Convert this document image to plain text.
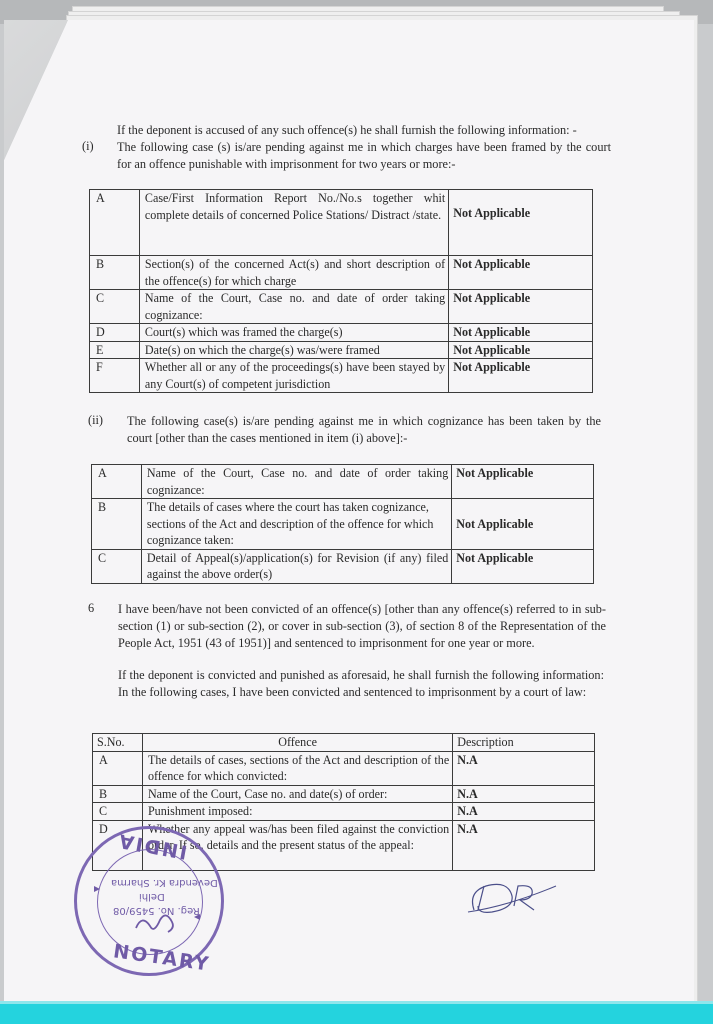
If the deponent is accused of any such offence(s) he shall furnish the following information: -
(i) The following case (s) is/are pending against me in which charges have been framed by the court for an offence punishable with imprisonment for two years or more:-
A	Case/First Information Report No./No.s together whit complete details of concerned Police Stations/ Distract /state.	Not Applicable
B	Section(s) of the concerned Act(s) and short description of the offence(s) for which charge	Not Applicable
C	Name of the Court, Case no. and date of order taking cognizance:	Not Applicable
D	Court(s) which was framed the charge(s)	Not Applicable
E	Date(s) on which the charge(s) was/were framed	Not Applicable
F	Whether all or any of the proceedings(s) have been stayed by any Court(s) of competent jurisdiction	Not Applicable
(ii) The following case(s) is/are pending against me in which cognizance has been taken by the court [other than the cases mentioned in item (i) above]:-
A	Name of the Court, Case no. and date of order taking cognizance:	Not Applicable
B	The details of cases where the court has taken cognizance, sections of the Act and description of the offence for which cognizance taken:	Not Applicable
C	Detail of Appeal(s)/application(s) for Revision (if any) filed against the above order(s)	Not Applicable
6 I have been/have not been convicted of an offence(s) [other than any offence(s) referred to in sub- section (1) or sub-section (2), or cover in sub-section (3), of section 8 of the Representation of the People Act, 1951 (43 of 1951)] and sentenced to imprisonment for one year or more.
If the deponent is convicted and punished as aforesaid, he shall furnish the following information: In the following cases, I have been convicted and sentenced to imprisonment by a court of law:
S.No.	Offence	Description
A	The details of cases, sections of the Act and description of the offence for which convicted:	N.A
B	Name of the Court, Case no. and date(s) of order:	N.A
C	Punishment imposed:	N.A
D	Whether any appeal was/has been filed against the conviction order. If so, details and the present status of the appeal:	N.A
INDIA
NOTARY
Devendra Kr. Sharma
Delhi
Reg. No. 5459/08
